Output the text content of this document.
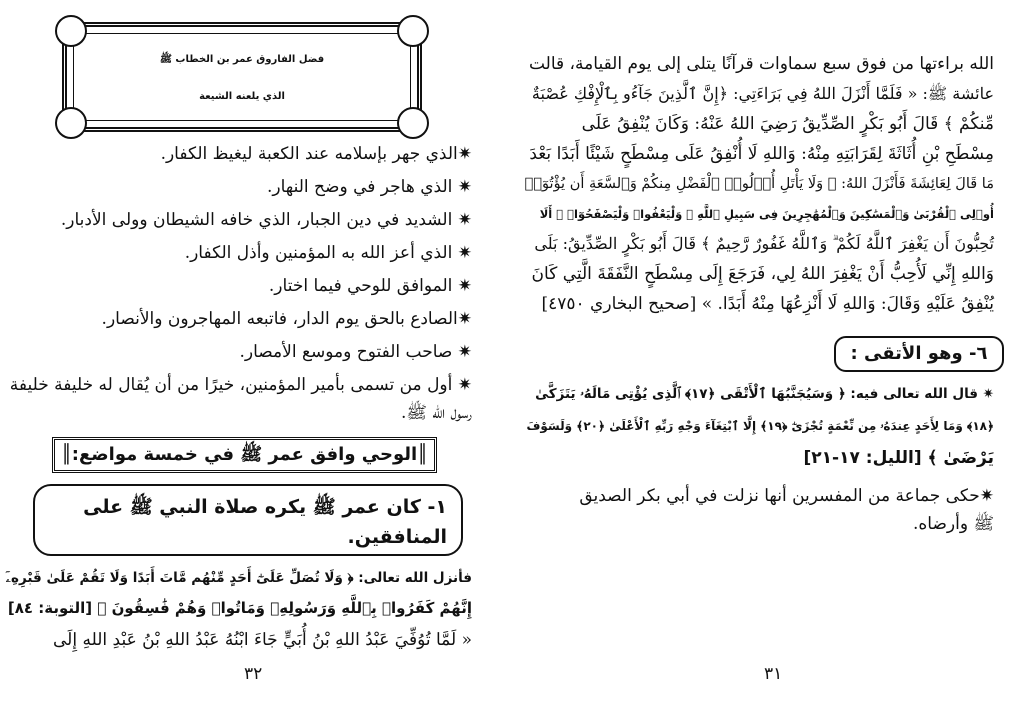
فضل الفاروق عمر بن الخطاب ﷺ
الذي يلعنه الشيعة
✷الذي جهر بإسلامه عند الكعبة ليغيظ الكفار.
✷ الذي هاجر في وضح النهار.
✷ الشديد في دين الجبار، الذي خافه الشيطان وولى الأدبار.
✷ الذي أعز الله به المؤمنين وأذل الكفار.
✷ الموافق للوحي فيما اختار.
✷الصادع بالحق يوم الدار، فاتبعه المهاجرون والأنصار.
✷ صاحب الفتوح وموسع الأمصار.
✷ أول من تسمى بأمير المؤمنين، خيرًا من أن يُقال له خليفة خليفة
رسول الله ﷺ.
║ الوحي وافق عمر ﷺ في خمسة مواضع: ║
١- كان عمر ﷺ يكره صلاة النبي ﷺ على
المنافقين.
فأنزل الله تعالى: ﴿ وَلَا تُصَلِّ عَلَىٰٓ أَحَدٍ مِّنْهُم مَّاتَ أَبَدًا وَلَا تَقُمْ عَلَىٰ قَبْرِهِۦٓ
إِنَّهُمْ كَفَرُوا۟ بِٱللَّهِ وَرَسُولِهِۦ وَمَاتُوا۟ وَهُمْ فَٰسِقُونَ ﴾ [التوبة: ٨٤]
« لَمَّا تُوُفِّيَ عَبْدُ اللهِ بْنُ أُبَيٍّ جَاءَ ابْنُهُ عَبْدُ اللهِ بْنُ عَبْدِ اللهِ إِلَى
٣٢
الله براءتها من فوق سبع سماوات قرآنًا يتلى إلى يوم القيامة، قالت
عائشة ﷺ: « فَلَمَّا أَنْزَلَ اللهُ فِي بَرَاءَتِي: ﴿إِنَّ ٱلَّذِينَ جَآءُو بِٱلْإِفْكِ عُصْبَةٌ
مِّنكُمْ ﴾ قَالَ أَبُو بَكْرٍ الصِّدِّيقُ رَضِيَ اللهُ عَنْهُ: وَكَانَ يُنْفِقُ عَلَى
مِسْطَحِ بْنِ أُثَاثَةَ لِقَرَابَتِهِ مِنْهُ: وَاللهِ لَا أُنْفِقُ عَلَى مِسْطَحٍ شَيْئًا أَبَدًا بَعْدَ
مَا قَالَ لِعَائِشَةَ فَأَنْزَلَ اللهُ: ﴿ وَلَا يَأْتَلِ أُو۟لُوا۟ ٱلْفَضْلِ مِنكُمْ وَٱلسَّعَةِ أَن يُؤْتُوٓا۟
أُو۟لِى ٱلْقُرْبَىٰ وَٱلْمَسَٰكِينَ وَٱلْمُهَٰجِرِينَ فِى سَبِيلِ ٱللَّهِ ۖ وَلْيَعْفُوا۟ وَلْيَصْفَحُوٓا۟ ۗ أَلَا
تُحِبُّونَ أَن يَغْفِرَ ٱللَّهُ لَكُمْ ۗ وَٱللَّهُ غَفُورٌ رَّحِيمٌ ﴾ قَالَ أَبُو بَكْرٍ الصِّدِّيقُ: بَلَى
وَاللهِ إِنِّي لَأُحِبُّ أَنْ يَغْفِرَ اللهُ لِي، فَرَجَعَ إِلَى مِسْطَحٍ النَّفَقَةَ الَّتِي كَانَ
يُنْفِقُ عَلَيْهِ وَقَالَ: وَاللهِ لَا أَنْزِعُهَا مِنْهُ أَبَدًا. » [صحيح البخاري ٤٧٥٠]
٦- وهو الأتقى :
✷ قال الله تعالى فيه: ﴿ وَسَيُجَنَّبُهَا ٱلْأَتْقَى ﴿١٧﴾ ٱلَّذِى يُؤْتِى مَالَهُۥ يَتَزَكَّىٰ
﴿١٨﴾ وَمَا لِأَحَدٍ عِندَهُۥ مِن نِّعْمَةٍ تُجْزَىٰٓ ﴿١٩﴾ إِلَّا ٱبْتِغَآءَ وَجْهِ رَبِّهِ ٱلْأَعْلَىٰ ﴿٢٠﴾ وَلَسَوْفَ
يَرْضَىٰ ﴾ [الليل: ١٧-٢١]
✷حكى جماعة من المفسرين أنها نزلت في أبي بكر الصديق
ﷺ وأرضاه.
٣١
